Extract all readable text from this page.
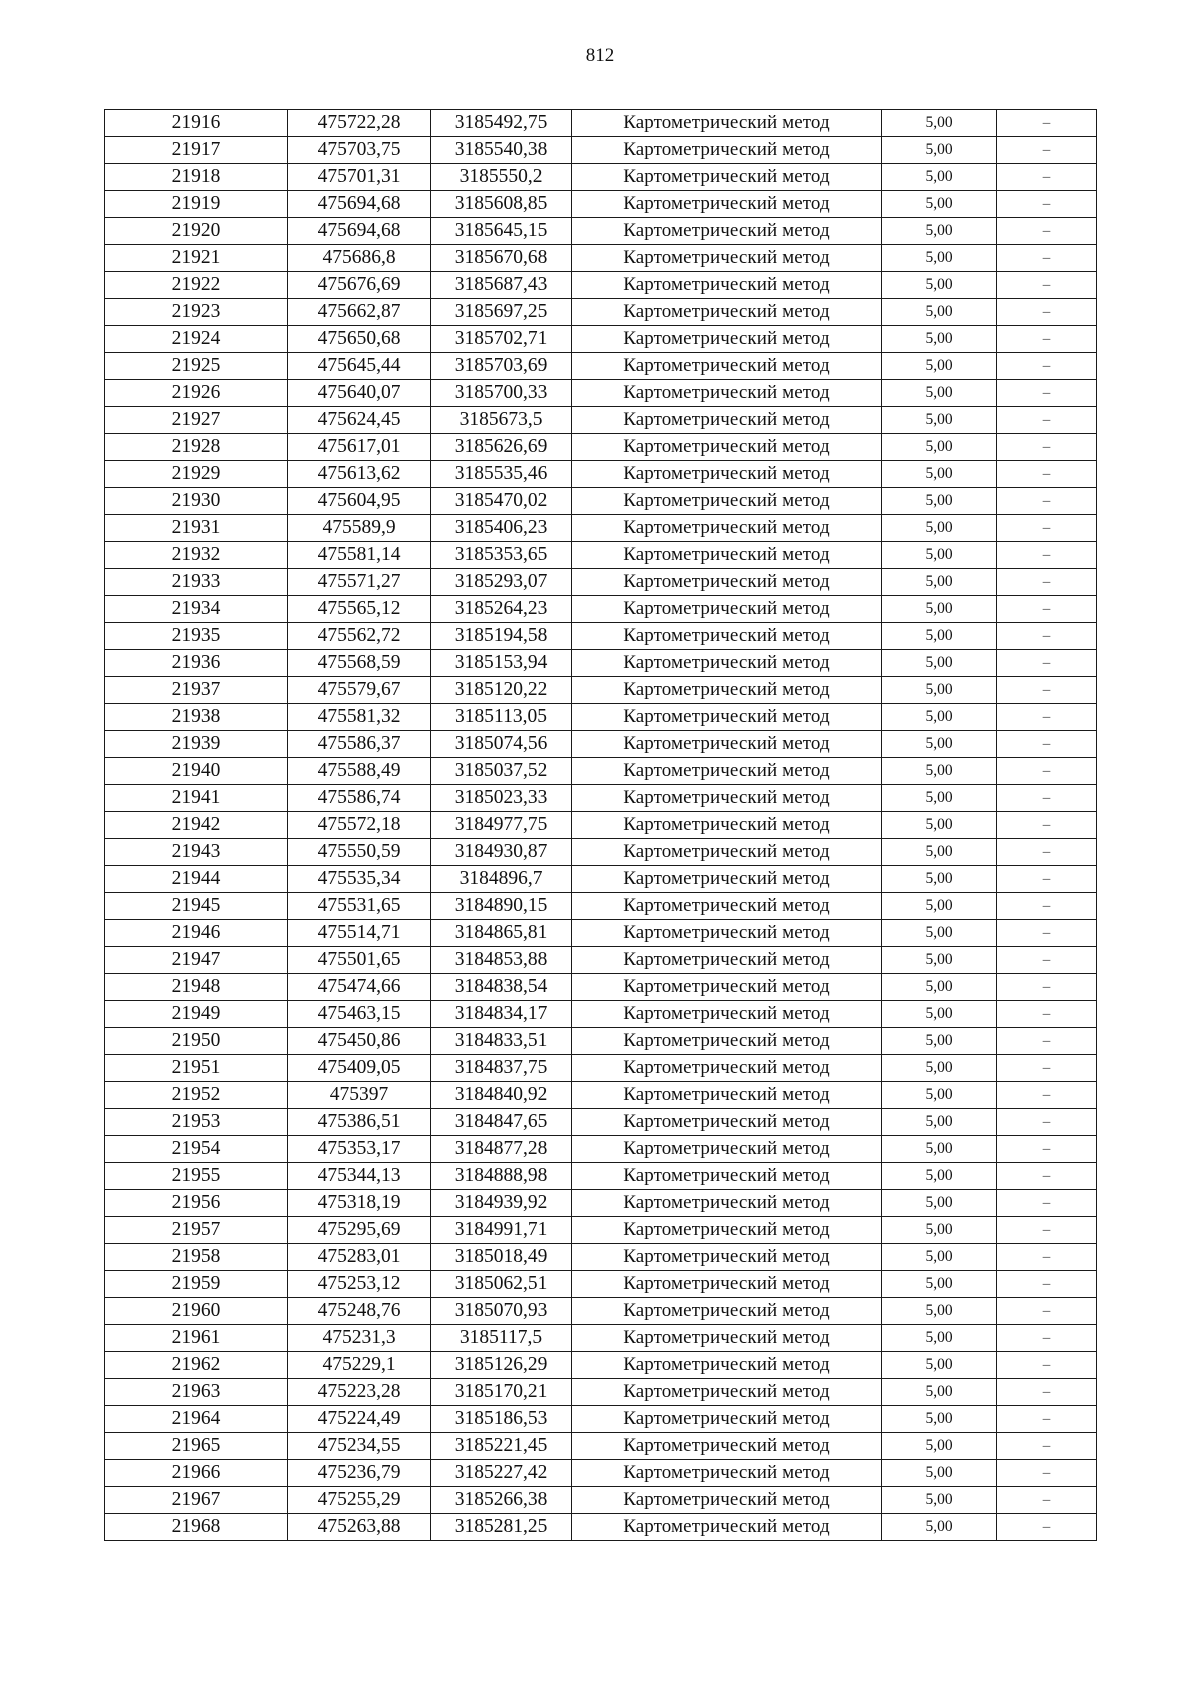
812
21916	475722,28	3185492,75	Картометрический метод	5,00	–
21917	475703,75	3185540,38	Картометрический метод	5,00	–
21918	475701,31	3185550,2	Картометрический метод	5,00	–
21919	475694,68	3185608,85	Картометрический метод	5,00	–
21920	475694,68	3185645,15	Картометрический метод	5,00	–
21921	475686,8	3185670,68	Картометрический метод	5,00	–
21922	475676,69	3185687,43	Картометрический метод	5,00	–
21923	475662,87	3185697,25	Картометрический метод	5,00	–
21924	475650,68	3185702,71	Картометрический метод	5,00	–
21925	475645,44	3185703,69	Картометрический метод	5,00	–
21926	475640,07	3185700,33	Картометрический метод	5,00	–
21927	475624,45	3185673,5	Картометрический метод	5,00	–
21928	475617,01	3185626,69	Картометрический метод	5,00	–
21929	475613,62	3185535,46	Картометрический метод	5,00	–
21930	475604,95	3185470,02	Картометрический метод	5,00	–
21931	475589,9	3185406,23	Картометрический метод	5,00	–
21932	475581,14	3185353,65	Картометрический метод	5,00	–
21933	475571,27	3185293,07	Картометрический метод	5,00	–
21934	475565,12	3185264,23	Картометрический метод	5,00	–
21935	475562,72	3185194,58	Картометрический метод	5,00	–
21936	475568,59	3185153,94	Картометрический метод	5,00	–
21937	475579,67	3185120,22	Картометрический метод	5,00	–
21938	475581,32	3185113,05	Картометрический метод	5,00	–
21939	475586,37	3185074,56	Картометрический метод	5,00	–
21940	475588,49	3185037,52	Картометрический метод	5,00	–
21941	475586,74	3185023,33	Картометрический метод	5,00	–
21942	475572,18	3184977,75	Картометрический метод	5,00	–
21943	475550,59	3184930,87	Картометрический метод	5,00	–
21944	475535,34	3184896,7	Картометрический метод	5,00	–
21945	475531,65	3184890,15	Картометрический метод	5,00	–
21946	475514,71	3184865,81	Картометрический метод	5,00	–
21947	475501,65	3184853,88	Картометрический метод	5,00	–
21948	475474,66	3184838,54	Картометрический метод	5,00	–
21949	475463,15	3184834,17	Картометрический метод	5,00	–
21950	475450,86	3184833,51	Картометрический метод	5,00	–
21951	475409,05	3184837,75	Картометрический метод	5,00	–
21952	475397	3184840,92	Картометрический метод	5,00	–
21953	475386,51	3184847,65	Картометрический метод	5,00	–
21954	475353,17	3184877,28	Картометрический метод	5,00	–
21955	475344,13	3184888,98	Картометрический метод	5,00	–
21956	475318,19	3184939,92	Картометрический метод	5,00	–
21957	475295,69	3184991,71	Картометрический метод	5,00	–
21958	475283,01	3185018,49	Картометрический метод	5,00	–
21959	475253,12	3185062,51	Картометрический метод	5,00	–
21960	475248,76	3185070,93	Картометрический метод	5,00	–
21961	475231,3	3185117,5	Картометрический метод	5,00	–
21962	475229,1	3185126,29	Картометрический метод	5,00	–
21963	475223,28	3185170,21	Картометрический метод	5,00	–
21964	475224,49	3185186,53	Картометрический метод	5,00	–
21965	475234,55	3185221,45	Картометрический метод	5,00	–
21966	475236,79	3185227,42	Картометрический метод	5,00	–
21967	475255,29	3185266,38	Картометрический метод	5,00	–
21968	475263,88	3185281,25	Картометрический метод	5,00	–
